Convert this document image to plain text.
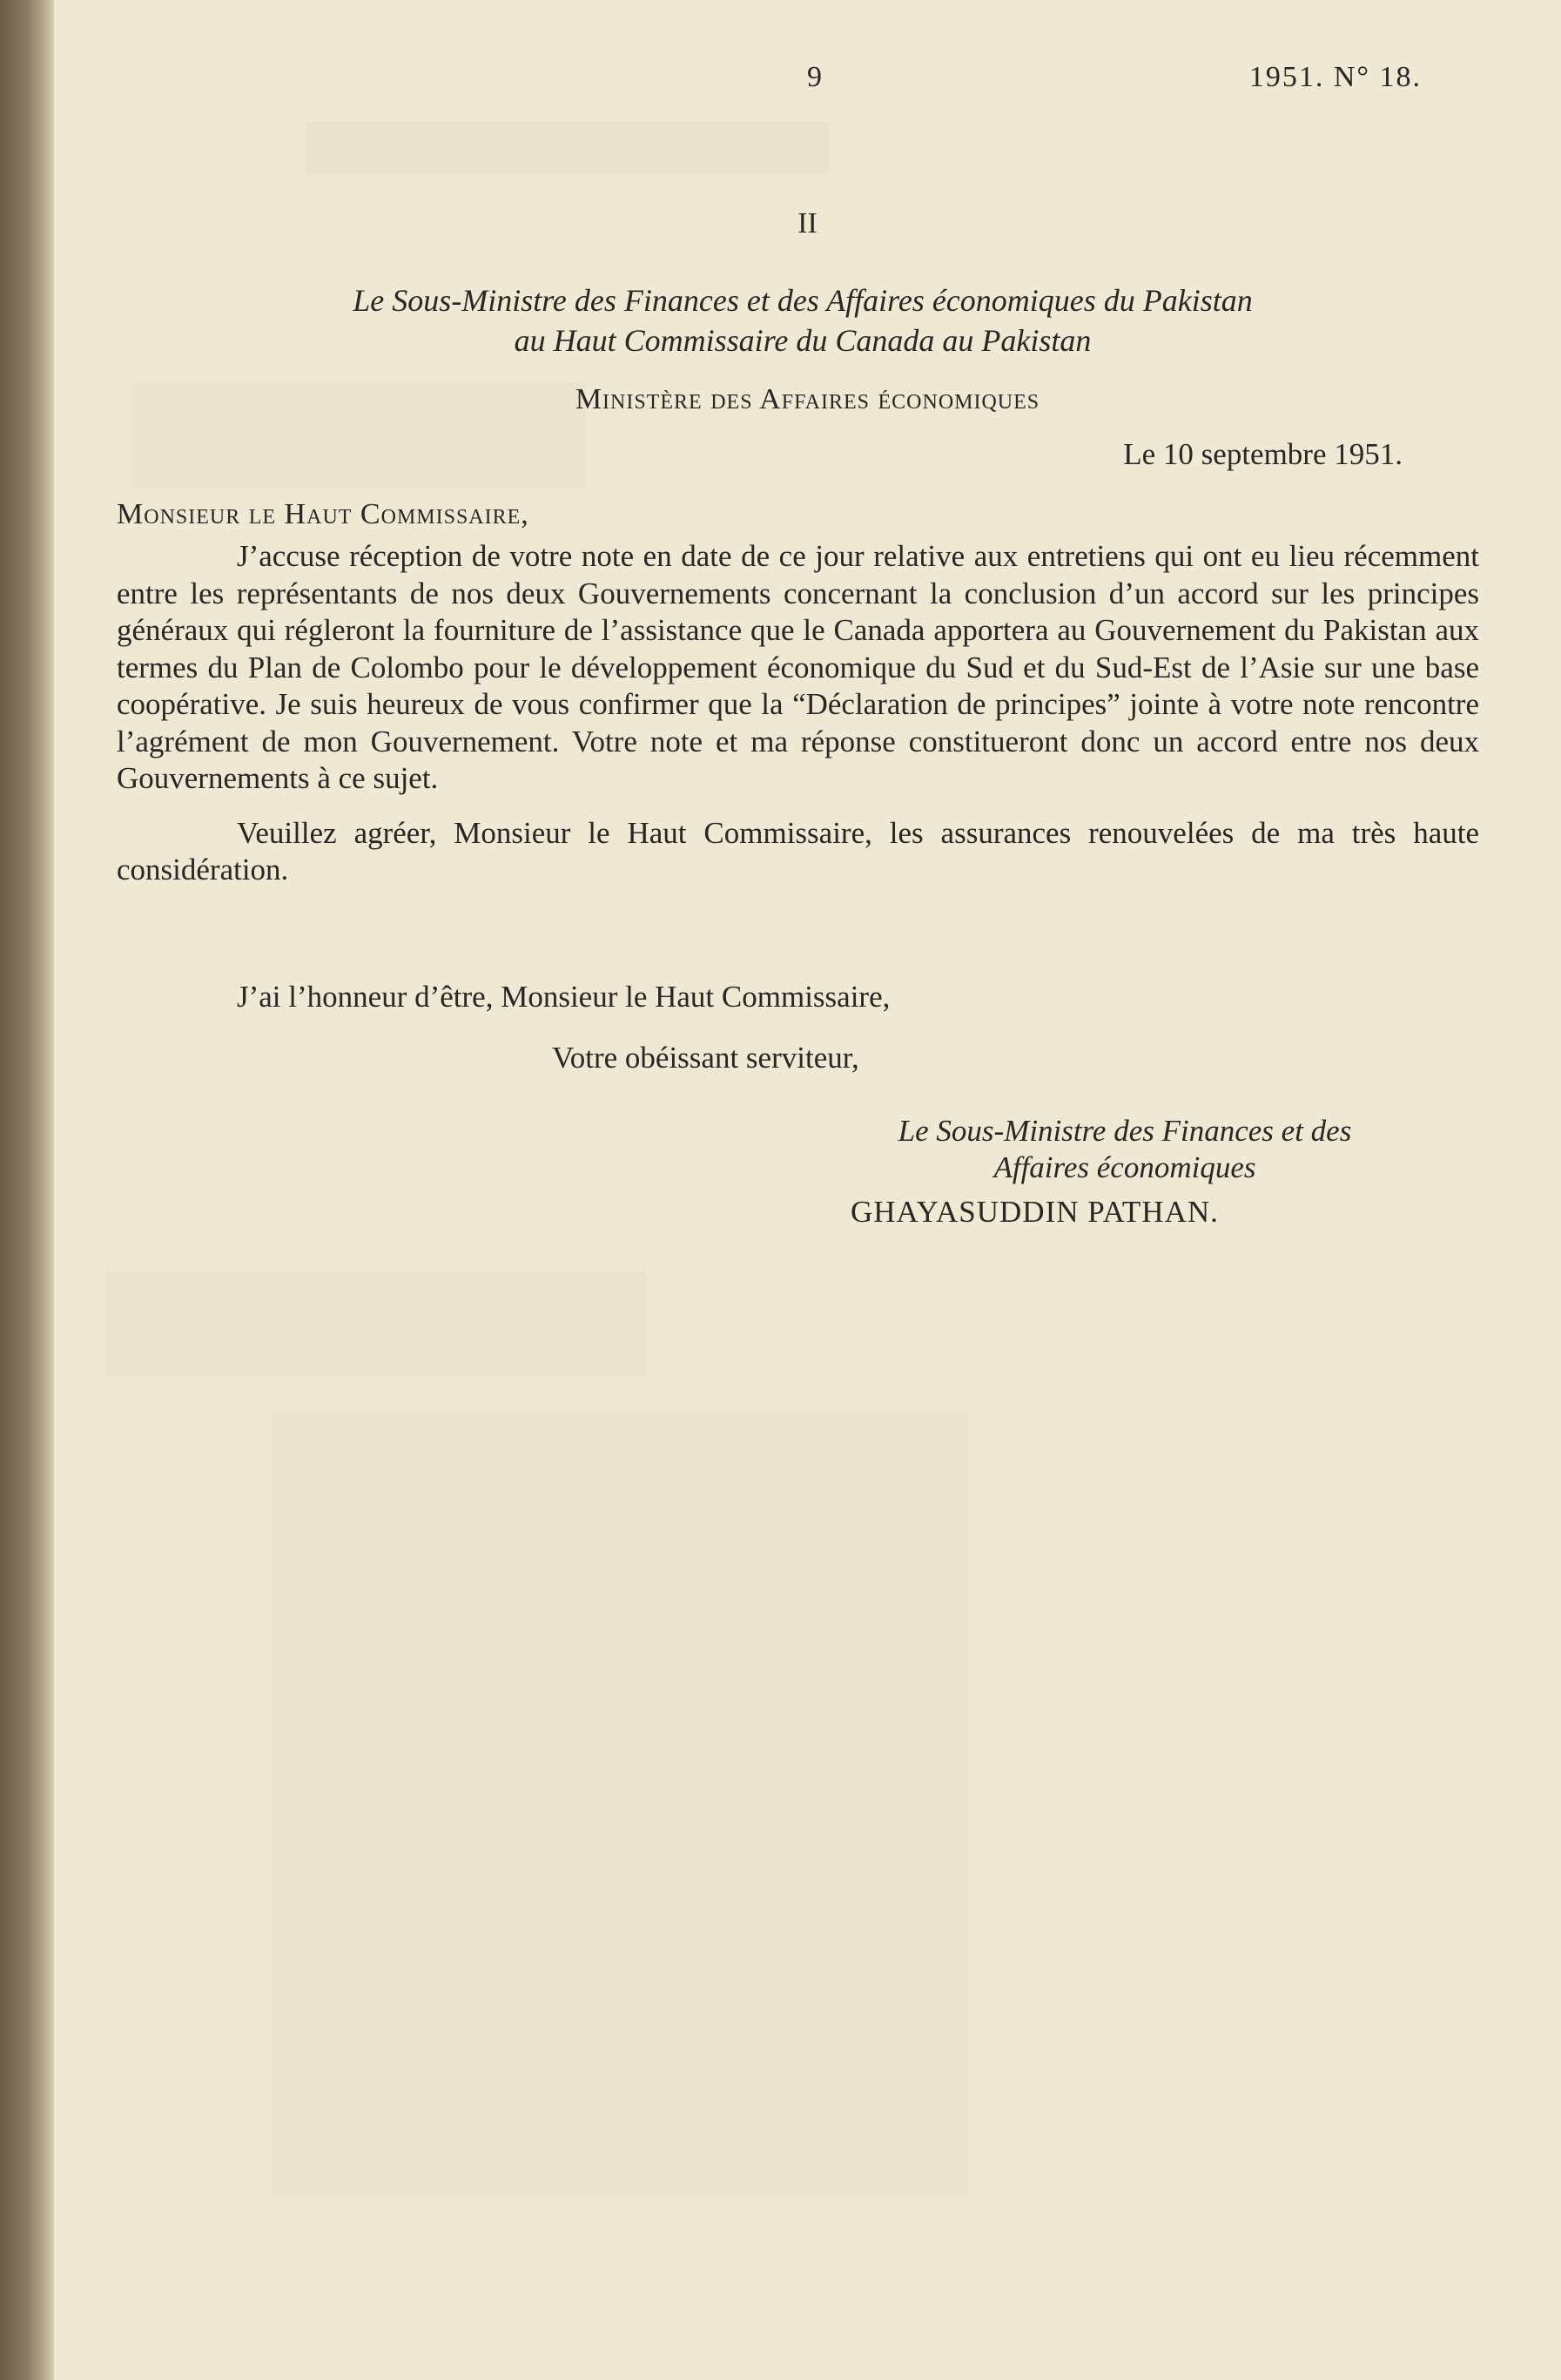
9	1951. N° 18.
II
Le Sous-Ministre des Finances et des Affaires économiques du Pakistan
au Haut Commissaire du Canada au Pakistan
Ministère des Affaires économiques
Le 10 septembre 1951.
Monsieur le Haut Commissaire,

J’accuse réception de votre note en date de ce jour relative aux entretiens qui ont eu lieu récemment entre les représentants de nos deux Gouvernements concernant la conclusion d’un accord sur les principes généraux qui régleront la fourniture de l’assistance que le Canada apportera au Gouvernement du Pakistan aux termes du Plan de Colombo pour le développement économique du Sud et du Sud-Est de l’Asie sur une base coopérative. Je suis heureux de vous confirmer que la “Déclaration de principes” jointe à votre note rencontre l’agrément de mon Gouvernement. Votre note et ma réponse constitueront donc un accord entre nos deux Gouvernements à ce sujet.

Veuillez agréer, Monsieur le Haut Commissaire, les assurances renouvelées de ma très haute considération.

J’ai l’honneur d’être, Monsieur le Haut Commissaire,
Votre obéissant serviteur,
Le Sous-Ministre des Finances et des
Affaires économiques
GHAYASUDDIN PATHAN.
